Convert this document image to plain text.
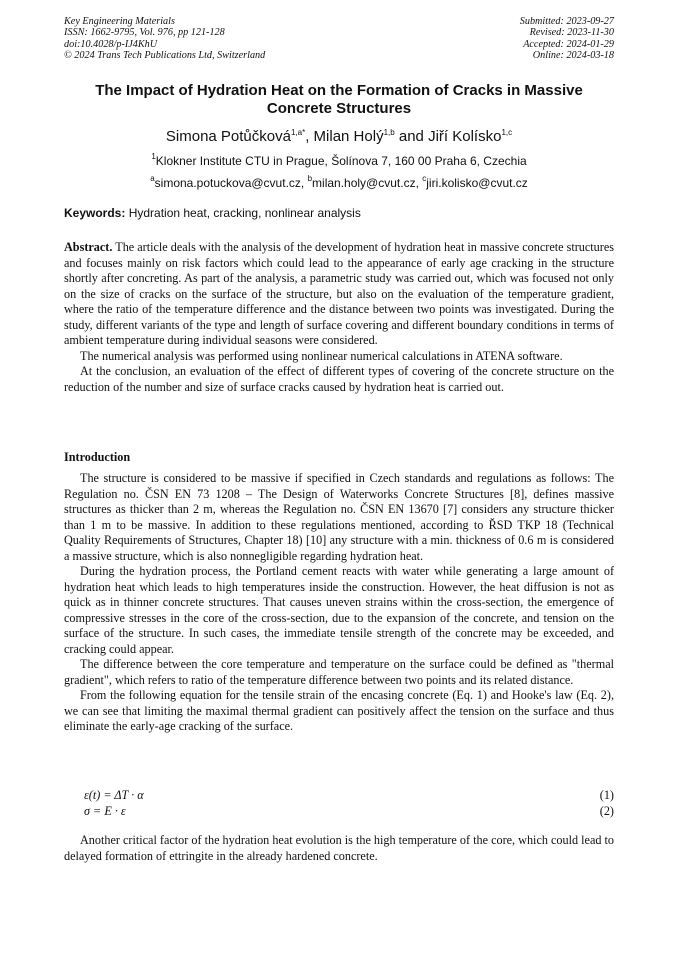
Key Engineering Materials
ISSN: 1662-9795, Vol. 976, pp 121-128
doi:10.4028/p-IJ4KhU
© 2024 Trans Tech Publications Ltd, Switzerland
Submitted: 2023-09-27
Revised: 2023-11-30
Accepted: 2024-01-29
Online: 2024-03-18
The Impact of Hydration Heat on the Formation of Cracks in Massive Concrete Structures
Simona Potůčková$^{1,a*}$, Milan Holý$^{1,b}$ and Jiří Kolísko$^{1,c}$
$^1$Klokner Institute CTU in Prague, Šolínova 7, 160 00 Praha 6, Czechia
$^a$simona.potuckova@cvut.cz, $^b$milan.holy@cvut.cz, $^c$jiri.kolisko@cvut.cz
Keywords: Hydration heat, cracking, nonlinear analysis

Abstract. The article deals with the analysis of the development of hydration heat in massive concrete structures and focuses mainly on risk factors which could lead to the appearance of early age cracking in the structure shortly after concreting. As part of the analysis, a parametric study was carried out, which was focused not only on the size of cracks on the surface of the structure, but also on the evaluation of the temperature gradient, where the ratio of the temperature difference and the distance between two points was investigated. During the study, different variants of the type and length of surface covering and different boundary conditions in terms of ambient temperature during individual seasons were considered.

The numerical analysis was performed using nonlinear numerical calculations in ATENA software.

At the conclusion, an evaluation of the effect of different types of covering of the concrete structure on the reduction of the number and size of surface cracks caused by hydration heat is carried out.

Introduction

The structure is considered to be massive if specified in Czech standards and regulations as follows: The Regulation no. ČSN EN 73 1208 – The Design of Waterworks Concrete Structures [8], defines massive structures as thicker than 2 m, whereas the Regulation no. ČSN EN 13670 [7] considers any structure thicker than 1 m to be massive. In addition to these regulations mentioned, according to ŘSD TKP 18 (Technical Quality Requirements of Structures, Chapter 18) [10] any structure with a min. thickness of 0.6 m is considered a massive structure, which is also nonnegligible regarding hydration heat.

During the hydration process, the Portland cement reacts with water while generating a large amount of hydration heat which leads to high temperatures inside the construction. However, the heat diffusion is not as quick as in thinner concrete structures. That causes uneven strains within the cross-section, the emergence of compressive stresses in the core of the cross-section, due to the expansion of the concrete, and tension on the surface of the structure. In such cases, the immediate tensile strength of the concrete may be exceeded, and cracking could appear.

The difference between the core temperature and temperature on the surface could be defined as "thermal gradient", which refers to ratio of the temperature difference between two points and its related distance.

From the following equation for the tensile strain of the encasing concrete (Eq. 1) and Hooke's law (Eq. 2), we can see that limiting the maximal thermal gradient can positively affect the tension on the surface and thus eliminate the early-age cracking of the surface.

ε(t) = ΔT · α	(1)
σ = E · ε	(2)

Another critical factor of the hydration heat evolution is the high temperature of the core, which could lead to delayed formation of ettringite in the already hardened concrete.
